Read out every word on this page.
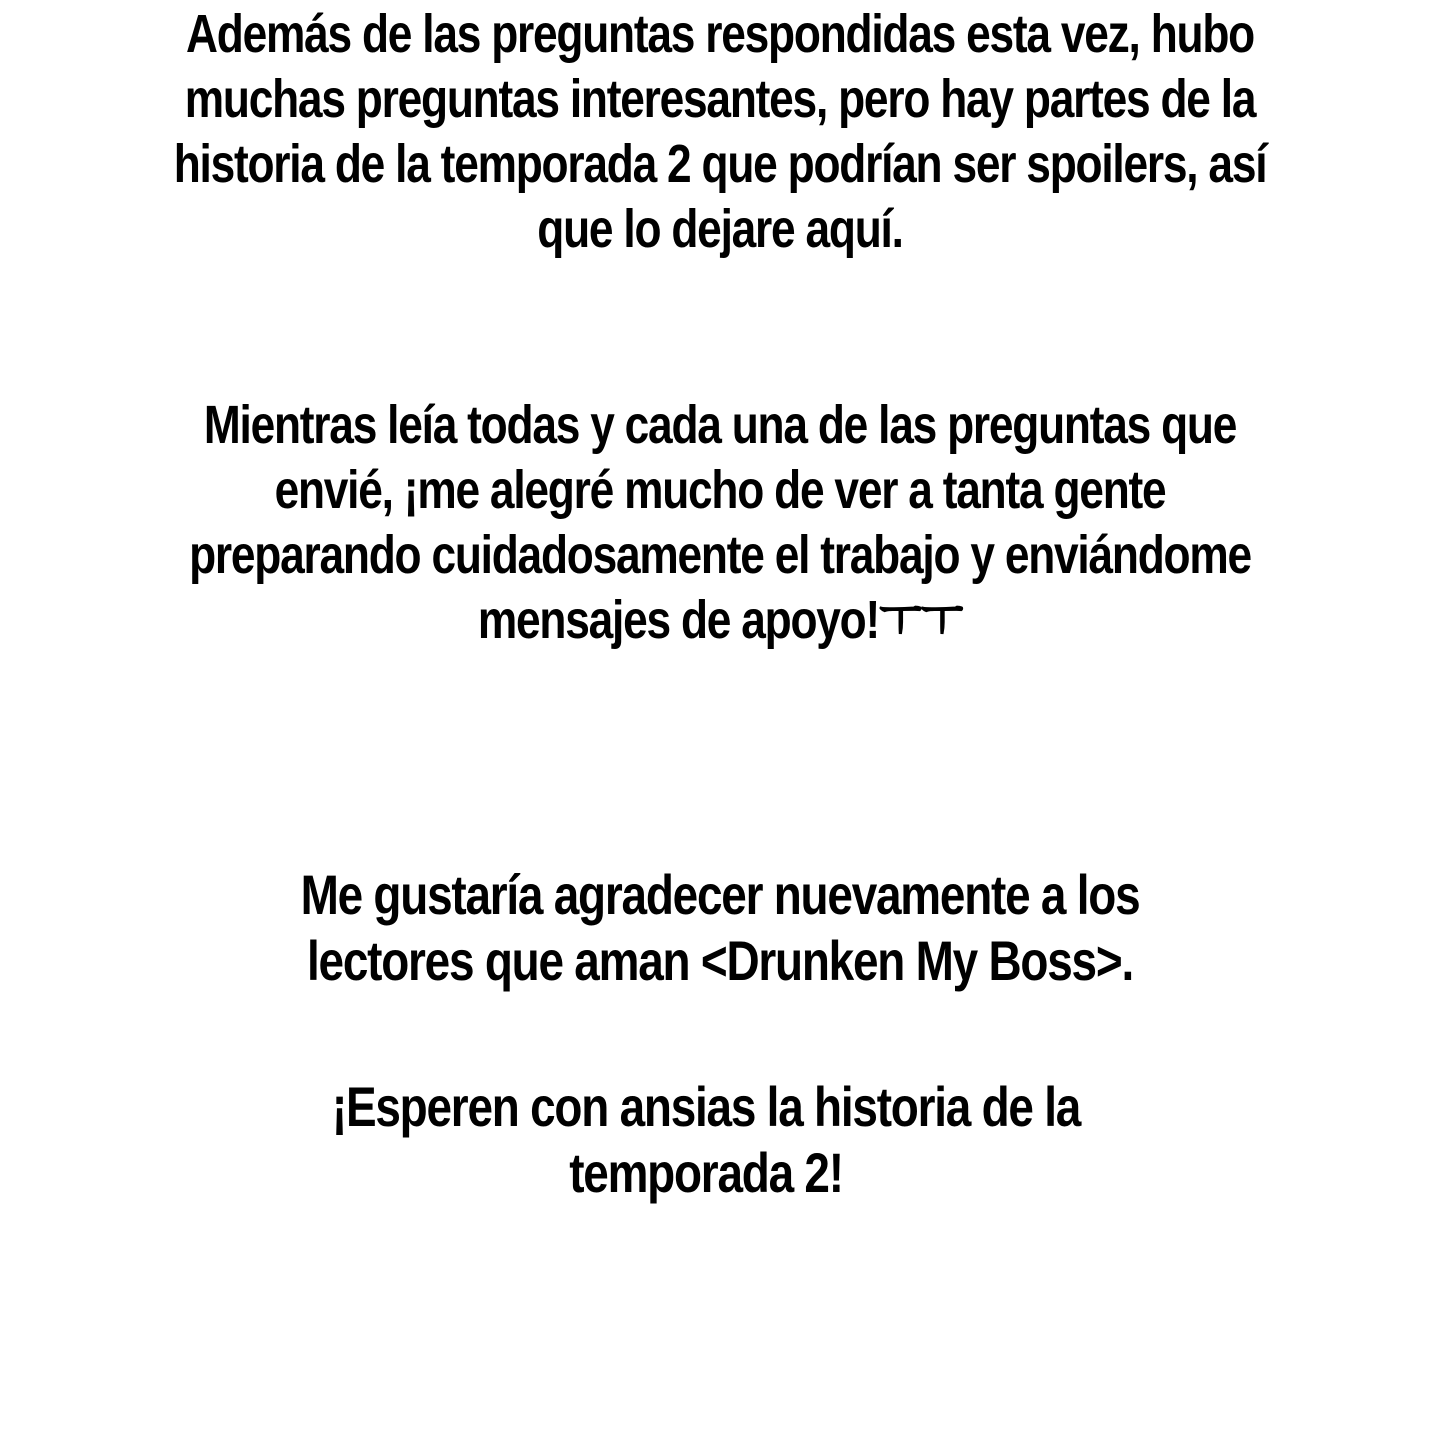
Además de las preguntas respondidas esta vez, hubo
muchas preguntas interesantes, pero hay partes de la
historia de la temporada 2 que podrían ser spoilers, así
que lo dejare aquí.
Mientras leía todas y cada una de las preguntas que
envié, ¡me alegré mucho de ver a tanta gente
preparando cuidadosamente el trabajo y enviándome
mensajes de apoyo!ㅜㅜ
Me gustaría agradecer nuevamente a los
lectores que aman <Drunken My Boss>.
¡Esperen con ansias la historia de la
temporada 2!
